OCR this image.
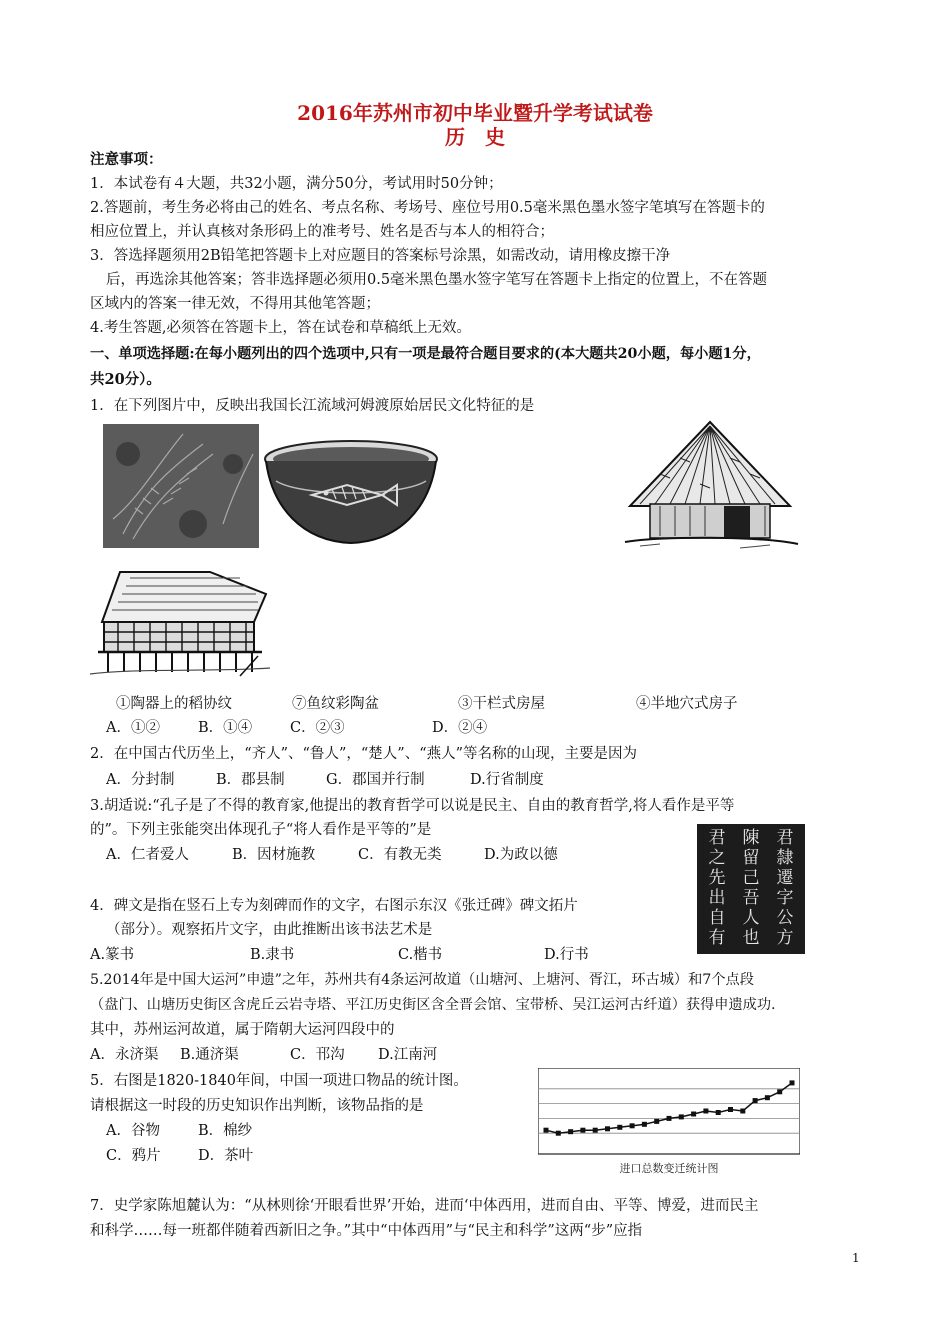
2016年苏州市初中毕业暨升学考试试卷
历　史
注意事项：
1．本试卷有４大题，共32小题，满分50分，考试用时50分钟；
2.答题前，考生务必将由己的姓名、考点名称、考场号、座位号用0.5毫米黑色墨水签字笔填写在答题卡的
相应位置上，并认真核对条形码上的准考号、姓名是否与本人的相符合；
3．答选择题须用2B铅笔把答题卡上对应题目的答案标号涂黑，如需改动，请用橡皮擦干净
后，再选涂其他答案；答非选择题必须用0.5毫米黑色墨水签字笔写在答题卡上指定的位置上，不在答题
区域内的答案一律无效，不得用其他笔答题；
4.考生答题,必须答在答题卡上，答在试卷和草稿纸上无效。
一、单项选择题:在每小题列出的四个选项中,只有一项是最符合题目要求的(本大题共20小题，每小题1分，
共20分）。
1．在下列图片中，反映出我国长江流域河姆渡原始居民文化特征的是
①陶器上的稻协纹	⑦鱼纹彩陶盆	③干栏式房屋	④半地穴式房子
A．①②	B．①④	C．②③	D．②④
2．在中国古代历坐上，“齐人”、“鲁人”，“楚人”、“燕人”等名称的山现，主要是因为
A．分封制	B．郡县制	G．郡国并行制	D.行省制度
3.胡适说:“孔子是了不得的教育家,他提出的教育哲学可以说是民主、自由的教育哲学,将人看作是平等
的”。下列主张能突出体现孔子“将人看作是平等的”是
A．仁者爱人	B．因材施教	C．有教无类	D.为政以德
君
隸
遷
字
公
方
陳
留
己
吾
人
也
君
之
先
出
自
有
4．碑文是指在竖石上专为刻碑而作的文字，右图示东汉《张迁碑》碑文拓片
（部分）。观察拓片文字，由此推断出该书法艺术是
A.篆书	B.隶书	C.楷书	D.行书
5.2014年是中国大运河”申遗”之年，苏州共有4条运河故道（山塘河、上塘河、胥江，环古城）和7个点段
（盘门、山塘历史街区含虎丘云岩寺塔、平江历史街区含全晋会馆、宝带桥、吴江运河古纤道）获得申遗成功.
其中，苏州运河故道，属于隋朝大运河四段中的
A．永济渠 B.通济渠	C．邗沟 D.江南河
5．右图是1820-1840年间，中国一项进口物品的统计图。
请根据这一时段的历史知识作出判断，该物品指的是
A．谷物	B．棉纱
C．鸦片	D．茶叶
进口总数变迁统计图
7．史学家陈旭麓认为：“从林则徐‘开眼看世界’开始，进而‘中体西用，进而自由、平等、博爱，进而民主
和科学……每一班都伴随着西新旧之争。”其中“中体西用”与“民主和科学”这两“步”应指
1
